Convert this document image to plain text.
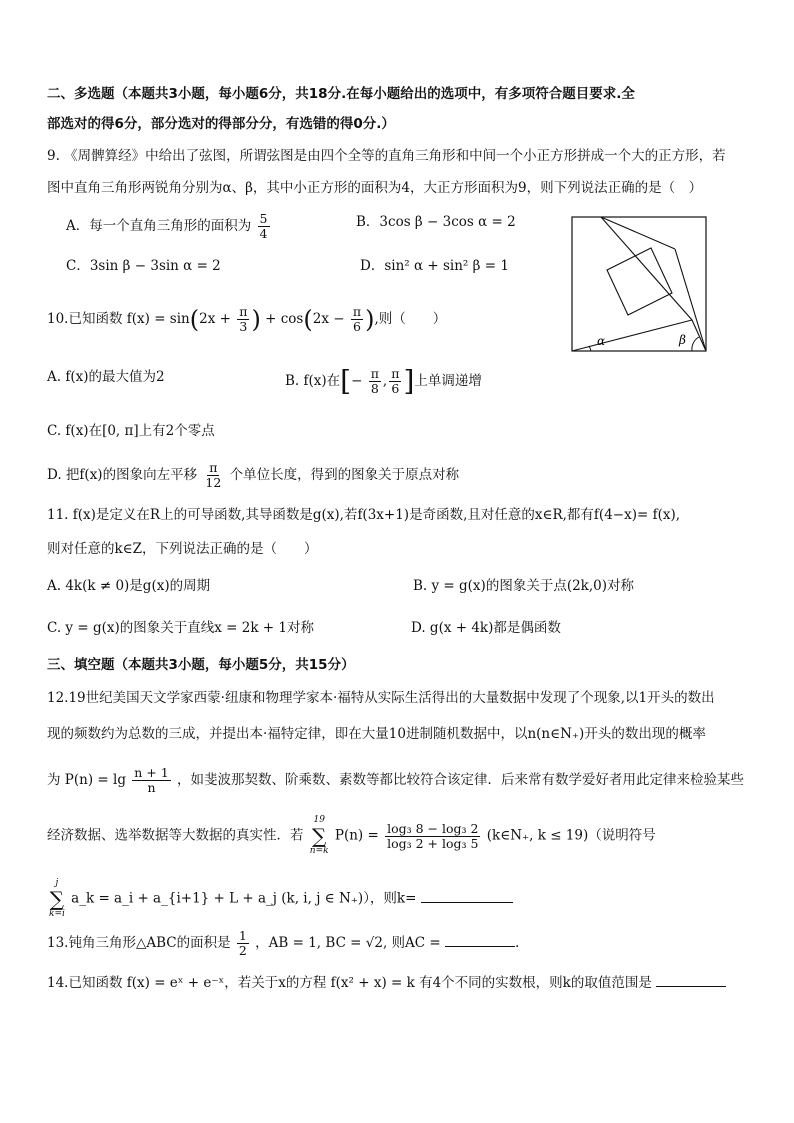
二、多选题（本题共3小题，每小题6分，共18分.在每小题给出的选项中，有多项符合题目要求.全
部选对的得6分，部分选对的得部分分，有选错的得0分.）
9. 《周髀算经》中给出了弦图，所谓弦图是由四个全等的直角三角形和中间一个小正方形拼成一个大的正方形，若
图中直角三角形两锐角分别为α、β，其中小正方形的面积为4，大正方形面积为9，则下列说法正确的是（　）
A．每一个直角三角形的面积为 $\frac{5}{4}$	B．3cos β − 3cos α = 2
C．3sin β − 3sin α = 2	D．sin² α + sin² β = 1
α	β
10.已知函数 $f(x) = \sin(2x + \frac{\pi}{3}$ ) + $\cos(2x - \frac{\pi}{6}$ ),则（　　）
A. f(x)的最大值为2	B. f(x)在[− $\frac{\pi}{8}$ , $\frac{\pi}{6}$ ]上单调递增
C. f(x)在[0, π]上有2个零点
D. 把f(x)的图象向左平移 $\frac{\pi}{12}$ 个单位长度，得到的图象关于原点对称
11. f(x)是定义在R上的可导函数,其导函数是g(x),若f(3x+1)是奇函数,且对任意的x∈R,都有f(4−x)= f(x),
则对任意的k∈Z，下列说法正确的是（　　）
A. 4k(k ≠ 0)是g(x)的周期	B. y = g(x)的图象关于点(2k,0)对称
C. y = g(x)的图象关于直线x = 2k + 1对称	D. g(x + 4k)都是偶函数
三、填空题（本题共3小题，每小题5分，共15分）
12.19世纪美国天文学家西蒙·纽康和物理学家本·福特从实际生活得出的大量数据中发现了个现象,以1开头的数出
现的频数约为总数的三成，并提出本·福特定律，即在大量10进制随机数据中，以n(n∈N₊)开头的数出现的概率
为 $P(n) = \lg \frac{n + 1}{n}$ ，如斐波那契数、阶乘数、素数等都比较符合该定律．后来常有数学爱好者用此定律来检验某些
经济数据、选举数据等大数据的真实性．若
19
∑
n=k
$P(n) = \frac{\text{log₃ 8 − log₃ 2}}{\text{log₃ 2 + log₃ 5}}$ (k∈N₊, k ≤ 19)（说明符号
j
∑
k=i
a_k = a_i + a_{i+1} + L + a_j (k, i, j ∈ N₊)），则k=
13.钝角三角形△ABC的面积是 $\frac{1}{2}$ ，AB = 1, BC = √2, 则AC =	.
14.已知函数 f(x) = eˣ + e⁻ˣ，若关于x的方程 f(x² + x) = k 有4个不同的实数根，则k的取值范围是
